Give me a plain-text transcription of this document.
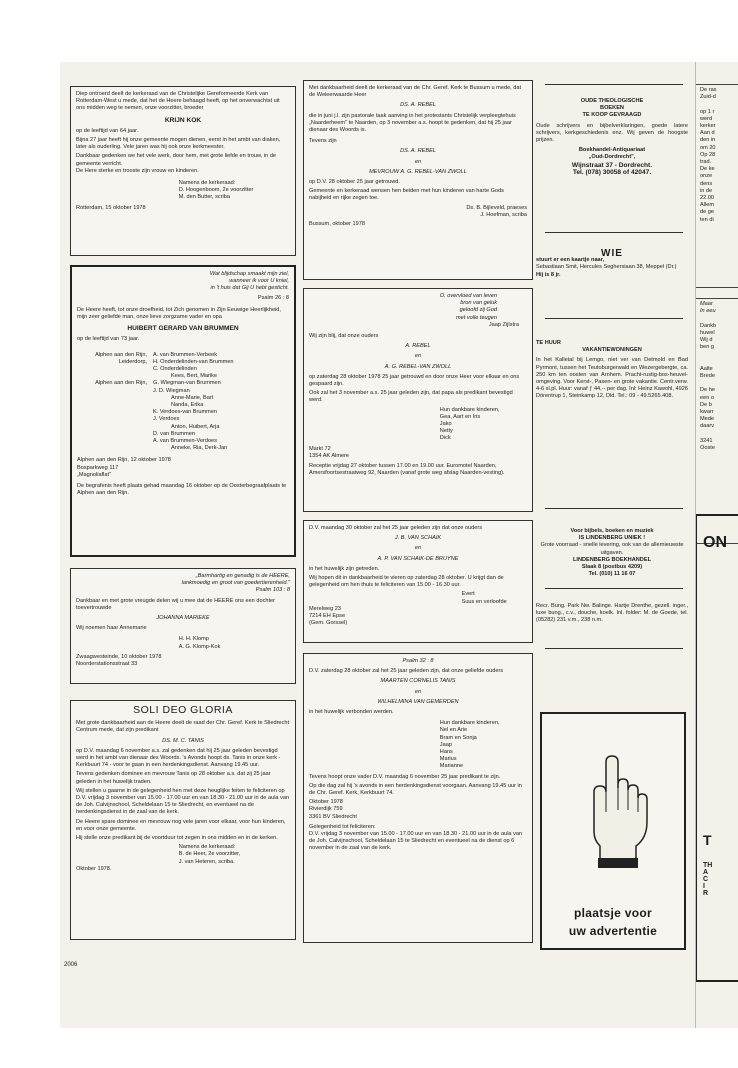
Diep ontroerd deelt de kerkeraad van de Christelijke Gereformeerde Kerk van Rotterdam-West u mede, dat het de Heere behaagd heeft, op het onverwachtst uit ons midden weg te nemen, onze voorzitter, broeder

KRIJN KOK

op de leeftijd van 64 jaar.

Bijna 27 jaar heeft hij onze gemeente mogen dienen, eerst in het ambt van diaken, later als ouderling. Vele jaren was hij ook onze kerkmeester.

Dankbaar gedenken we het vele werk, door hem, met grote liefde en trouw, in de gemeente verricht.

De Here sterke en trooste zijn vrouw en kinderen.

Namens de kerkeraad:
D. Hoogenboom, 2e voorzitter
M. den Butter, scriba

Rotterdam, 15 oktober 1978

Wat blijdschap smaakt mijn ziel,
wanneer ik voor U kniel,
in 't huis dat Gij U hebt gesticht.
Psalm 26 : 8

De Heere heeft, tot onze droefheid, tot Zich genomen in Zijn Eeuwige Heerlijkheid, mijn zeer geliefde man, onze lieve zorgzame vader en opa

HUIBERT GERARD VAN BRUMMEN

op de leeftijd van 73 jaar.

Alphen aan den Rijn, A. van Brummen-Verbeek
Leiderdorp, H. Onderdelinden-van Brummen
C. Onderdelinden
Kees, Bert, Marike
Alphen aan den Rijn, G. Wiegman-van Brummen
J. D. Wiegman
Anne-Marie, Bart
Nanda, Erika
K. Verdoes-van Brummen
J. Verdoes
Anton, Huibert, Arja
D. van Brummen
A. van Brummen-Verdoes
Anneke, Ria, Derk-Jan
Alphen aan den Rijn, 12 oktober 1978
Bosparkweg 117
„Magnoliaflat"

De begrafenis heeft plaats gehad maandag 16 oktober op de Oosterbegraafplaats te Alphen aan den Rijn.

„Barmhartig en genadig is de HEERE,
lankmoedig en groot van goedertierenheid."
Psalm 103 : 8

Dankbaar en met grote vreugde delen wij u mee dat de HEERE ons een dochter toevertrouwde

JOHANNA MARIEKE

Wij noemen haar Annemarie

H. H. Klomp
A. G. Klomp-Kok
Zwaagwesteinde, 10 oktober 1978
Noorderstationsstraat 33
SOLI DEO GLORIA

Met grote dankbaarheid aan de Heere deelt de raad der Chr. Geref. Kerk te Sliedrecht Centrum mede, dat zijn predikant

DS. M. C. TANIS

op D.V. maandag 6 november a.s. zal gedenken dat hij 25 jaar geleden bevestigd werd in het ambt van dienaar des Woords. 's Avonds hoopt ds. Tanis in onze kerk - Kerkbuurt 74 - voor te gaan in een herdenkingsdienst. Aanvang 19.45 uur.

Tevens gedenken dominee en mevrouw Tanis op 28 oktober a.s. dat zij 25 jaar geleden in het huwelijk traden.

Wij stellen u gaarne in de gelegenheid hen met deze heuglijke feiten te feliciteren op D.V. vrijdag 3 november van 15.00 - 17.00 uur en van 18.30 - 21.00 uur in de aula van de Joh. Calvijnschool, Scheldelaan 15 te Sliedrecht, en eventueel na de herdenkingsdienst in de zaal van de kerk.

De Heere spare dominee en mevrouw nog vele jaren voor elkaar, voor hun kinderen, en voor onze gemeente.

Hij stelle onze predikant bij de voortduur tot zegen in ons midden en in de kerken.

Namens de kerkeraad:
B. de Heer, 2e voorzitter,
J. van Heteren, scriba.
Oktober 1978.

Met dankbaarheid deelt de kerkeraad van de Chr. Geref. Kerk te Bussum u mede, dat de Weleerwaarde Heer

DS. A. REBEL

die in juni j.l. zijn pastorale taak aanving in het protestants Christelijk verpleegtehuis „Naarderheem" te Naarden, op 3 november a.s. hoopt te gedenken, dat hij 25 jaar dienaar des Woords is.

Tevens zijn

DS. A. REBEL
en
MEVROUW A. G. REBEL-VAN ZWOLL

op D.V. 28 oktober 25 jaar getrouwd.

Gemeente en kerkeraad wensen hen beiden met hun kinderen van harte Gods nabijheid en rijke zegen toe.

Ds. B. Bijleveld, praeses
J. Hoefman, scriba
Bussum, oktober 1978
O. overvloed van leven
bron van geluk
geloofd zij God
met volle teugen
Jaap Zijlstra

Wij zijn blij, dat onze ouders

A. REBEL
en
A. G. REBEL-VAN ZWOLL

op zaterdag 28 oktober 1978 25 jaar getrouwd en door onze Heer voor elkaar en ons gespaard zijn.

Ook zal het 3 november a.s. 25 jaar geleden zijn, dat papa als predikant bevestigd werd.

Hun dankbare kinderen,
Gea, Aart en Iris
Jako
Netty
Dick
Markt 72
1354 AK Almere

Receptie vrijdag 27 oktober tussen 17.00 en 19.00 uur. Euromotel Naarden, Amersfoortsestraatweg 92, Naarden (vanaf grote weg afslag Naarden-vesting).

D.V. maandag 30 oktober zal het 25 jaar geleden zijn dat onze ouders

J. B. VAN SCHAIK
en
A. P. VAN SCHAIK-DE BRUYNE

in het huwelijk zijn getreden.

Wij hopen dit in dankbaarheid te vieren op zaterdag 28 oktober. U krijgt dan de gelegenheid om hen thuis te feliciteren van 15.00 - 16.30 uur.

Evert
Suus en verloofde
Merelweg 23
7214 EH Epse
(Gem. Gorssel)
Psalm 32 : 8

D.V. zaterdag 28 oktober zal het 25 jaar geleden zijn, dat onze geliefde ouders

MAARTEN CORNELIS TANIS
en
WILHELMINA VAN GEMERDEN

in het huwelijk verbonden werden.

Hun dankbare kinderen,
Nel en Arie
Bram en Sonja
Jaap
Hans
Marius
Marianne

Tevens hoopt onze vader D.V. maandag 6 november 25 jaar predikant te zijn.

Op die dag zal hij 's avonds in een herdenkingsdienst voorgaan. Aanvang 19.45 uur in de Chr. Geref. Kerk, Kerkbuurt 74.

Oktober 1978
Rivierdijk 759
3361 BV Sliedrecht

Gelegenheid tot feliciteren:

D.V. vrijdag 3 november van 15.00 - 17.00 uur en van 18.30 - 21.00 uur in de aula van de Joh. Calvijnschool, Scheldelaan 15 te Sliedrecht en eventueel na de dienst op 6 november in de zaal van de kerk.

OUDE THEOLOGISCHE
BOEKEN
TE KOOP GEVRAAGD
Oude schrijvers en bijbelverklaringen, goede latere schrijvers, kerkgeschiedenis enz. Wij geven de hoogste prijzen.
Boekhandel-Antiquariaat
„Oud-Dordrecht",
Wijnstraat 37 - Dordrecht.
Tel. (078) 30058 of 42047.
WIE
stuurt er een kaartje naar,
Sebastiaan Smit, Hercules Seghersiaan 38, Meppel (Dr.)
Hij is 8 jr.
TE HUUR
VAKANTIEWONINGEN
In het Kalletal bij Lemgo, niet ver van Detmold en Bad Pyrmont, tussen het Teutoburgerwald en Wezergebergte, ca. 250 km ten oosten van Arnhem. Pracht-rustig-bos-heuvel-omgeving. Voor Kerst-, Pasen- en grote vakantie. Centr.verw. 4-6 sl.pl. Huur: vanaf ƒ 44,-- per dag. Inl: Heinz Kawohl, 4926 Dörentrup 1, Steinkamp 12, Dld. Tel.: 09 - 49.5265.408.
Voor bijbels, boeken en muziek
IS LINDENBERG UNIEK !
Grote voorraad - snelle levering, ook van de allernieuwste uitgaven.
LINDENBERG BOEKHANDEL
Slaak 8 (postbus 4209)
Tel. (010) 11 16 07
Recr. Bung. Park Nw. Balinge. Hartje Drenthe, gezell. inger., luxe bung., c.v., douche, koelk. Inl. folder: M. de Goede, tel. (05282) 231 v.m., 238 n.m.
plaatsje voor
uw advertentie
2006
De ras
Zuid-d

op 1 r
werd
kerker
Aan d
den in
om 20
Op 28
trad.
De ke
onze
dens
in de
22.00
Allem
de ge
ten di
Maar
In eeu

Dankb
huwel
Wij d
ben g

Aalte
Brede

De he
een o
De b
kwarr
Mede
daarv

3241
Ooste
ON
T
TH
A
C
I
R
